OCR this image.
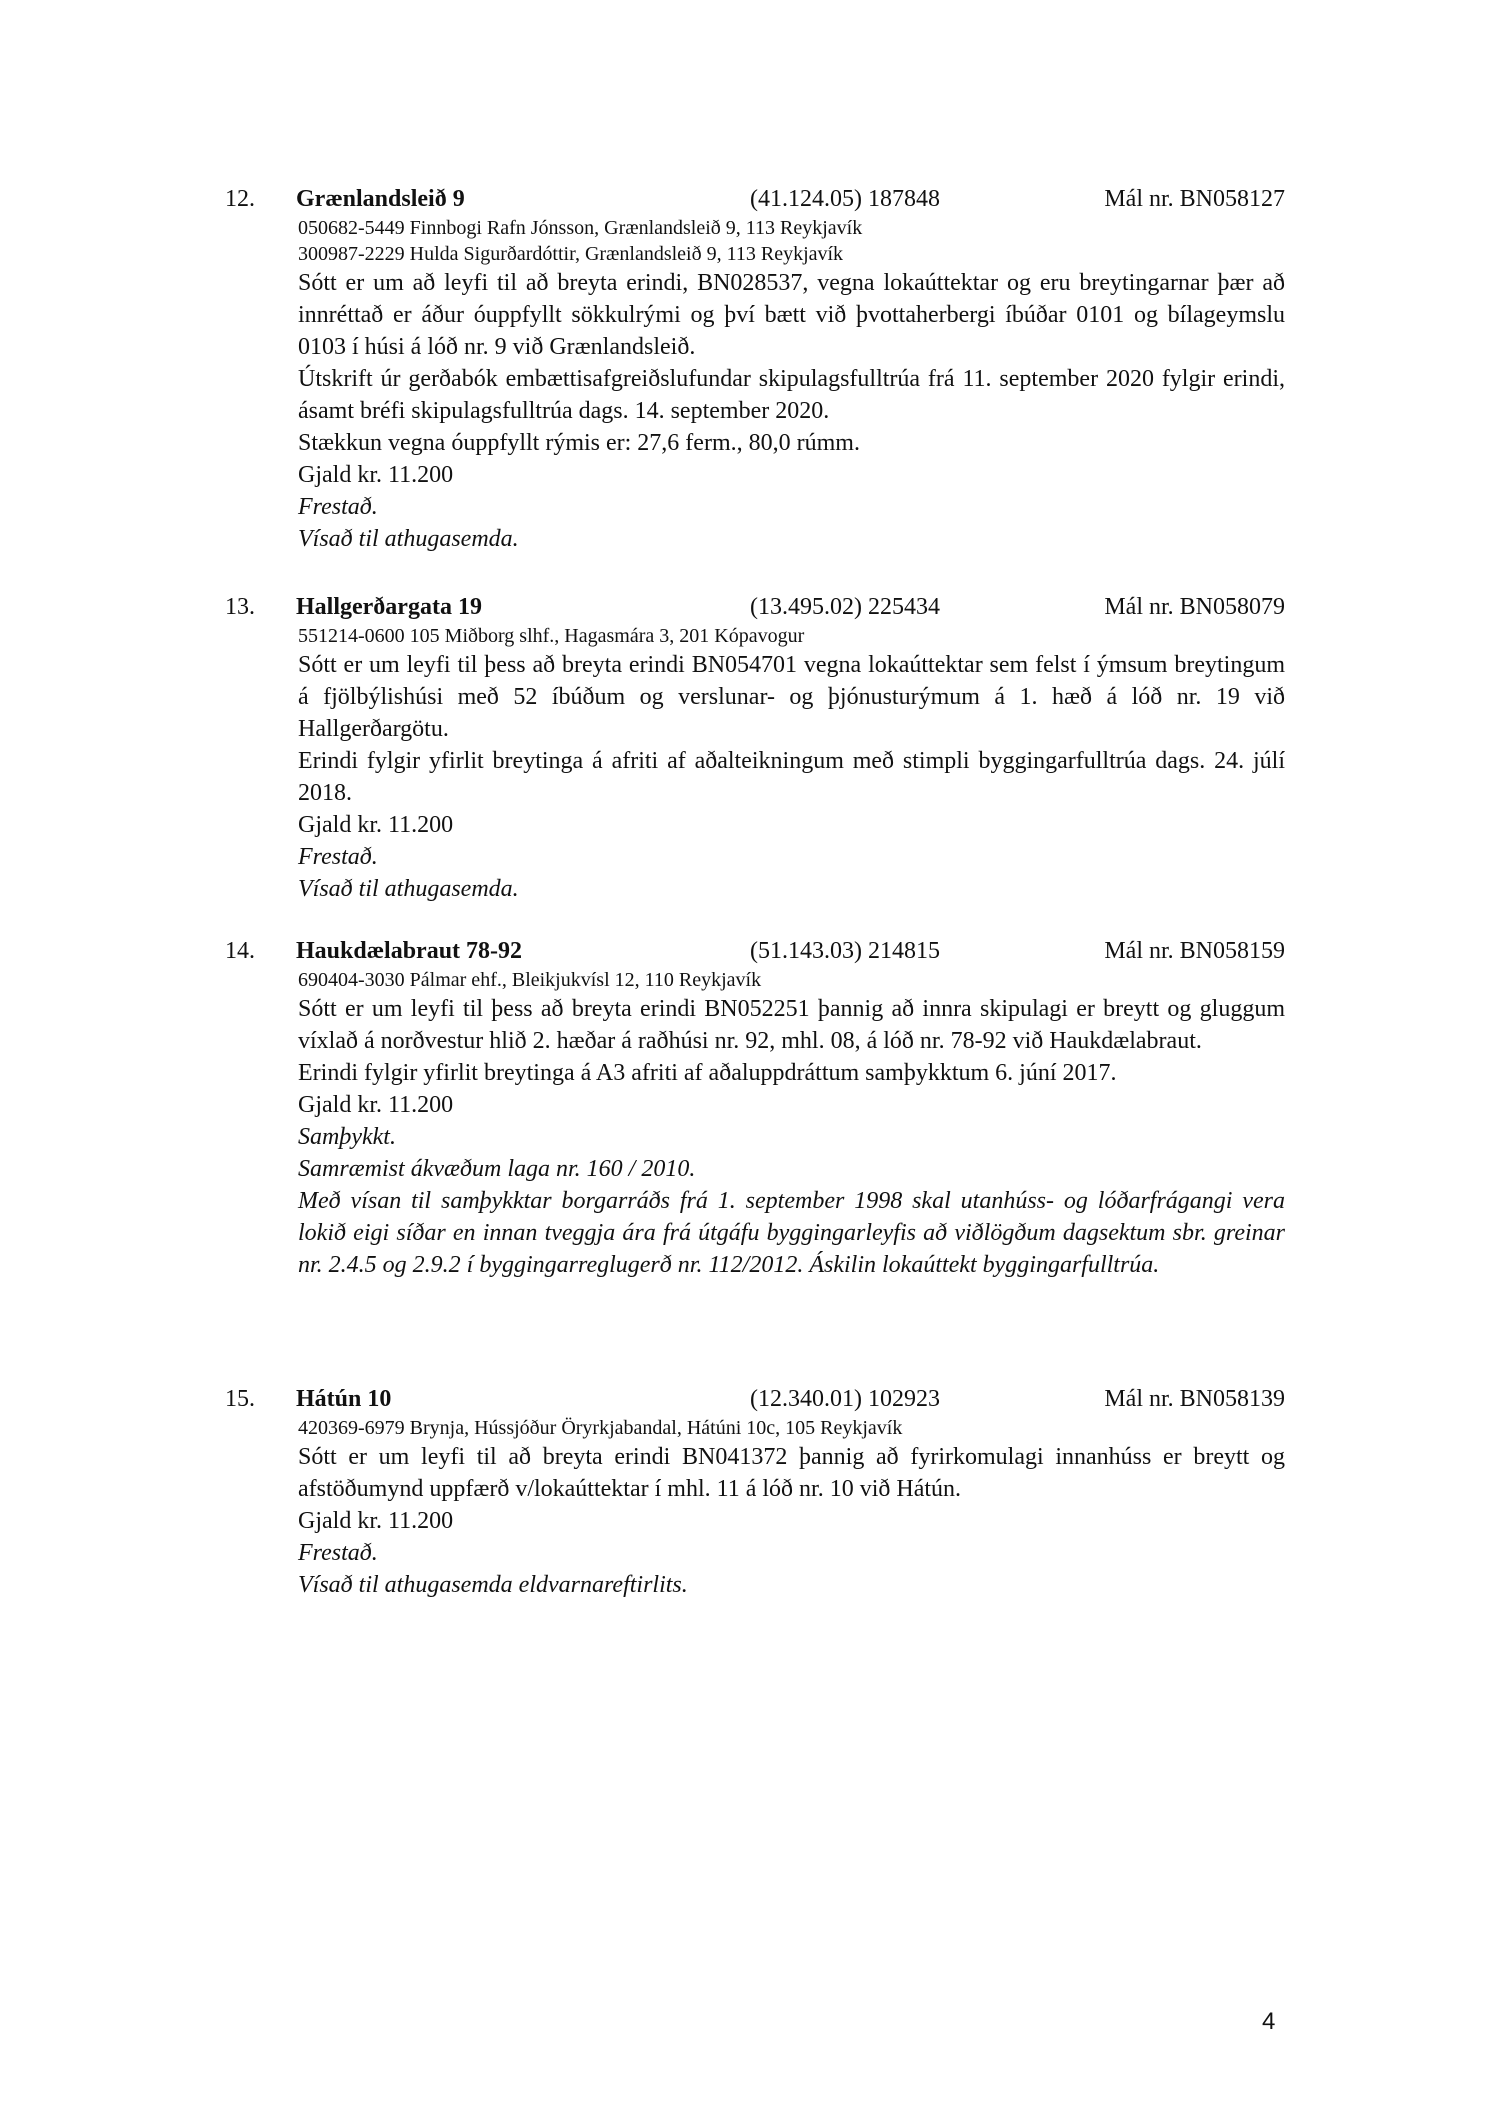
12. Grænlandsleið 9	(41.124.05) 187848	Mál nr. BN058127
050682-5449 Finnbogi Rafn Jónsson, Grænlandsleið 9, 113 Reykjavík
300987-2229 Hulda Sigurðardóttir, Grænlandsleið 9, 113 Reykjavík
Sótt er um að leyfi til að breyta erindi, BN028537, vegna lokaúttektar og eru breytingarnar þær að innréttað er áður óuppfyllt sökkulrými og því bætt við þvottaherbergi íbúðar 0101 og bílageymslu 0103 í húsi á lóð nr. 9 við Grænlandsleið.
Útskrift úr gerðabók embættisafgreiðslufundar skipulagsfulltrúa frá 11. september 2020 fylgir erindi, ásamt bréfi skipulagsfulltrúa dags. 14. september 2020.
Stækkun vegna óuppfyllt rýmis er: 27,6 ferm., 80,0 rúmm.
Gjald kr. 11.200
Frestað.
Vísað til athugasemda.
13. Hallgerðargata 19	(13.495.02) 225434	Mál nr. BN058079
551214-0600 105 Miðborg slhf., Hagasmára 3, 201 Kópavogur
Sótt er um leyfi til þess að breyta erindi BN054701 vegna lokaúttektar sem felst í ýmsum breytingum á fjölbýlishúsi með 52 íbúðum og verslunar- og þjónusturýmum á 1. hæð á lóð nr. 19 við Hallgerðargötu.
Erindi fylgir yfirlit breytinga á afriti af aðalteikningum með stimpli byggingarfulltrúa dags. 24. júlí 2018.
Gjald kr. 11.200
Frestað.
Vísað til athugasemda.
14. Haukdælabraut 78-92	(51.143.03) 214815	Mál nr. BN058159
690404-3030 Pálmar ehf., Bleikjukvísl 12, 110 Reykjavík
Sótt er um leyfi til þess að breyta erindi BN052251 þannig að innra skipulagi er breytt og gluggum víxlað á norðvestur hlið 2. hæðar á raðhúsi nr. 92, mhl. 08, á lóð nr. 78-92 við Haukdælabraut.
Erindi fylgir yfirlit breytinga á A3 afriti af aðaluppdráttum samþykktum 6. júní 2017.
Gjald kr. 11.200
Samþykkt.
Samræmist ákvæðum laga nr. 160 / 2010.
Með vísan til samþykktar borgarráðs frá 1. september 1998 skal utanhúss- og lóðarfrágangi vera lokið eigi síðar en innan tveggja ára frá útgáfu byggingarleyfis að viðlögðum dagsektum sbr. greinar nr. 2.4.5 og 2.9.2 í byggingarreglugerð nr. 112/2012. Áskilin lokaúttekt byggingarfulltrúa.
15. Hátún 10	(12.340.01) 102923	Mál nr. BN058139
420369-6979 Brynja, Hússjóður Öryrkjabandal, Hátúni 10c, 105 Reykjavík
Sótt er um leyfi til að breyta erindi BN041372 þannig að fyrirkomulagi innanhúss er breytt og afstöðumynd uppfærð v/lokaúttektar í mhl. 11 á lóð nr. 10 við Hátún.
Gjald kr. 11.200
Frestað.
Vísað til athugasemda eldvarnareftirlits.
4
